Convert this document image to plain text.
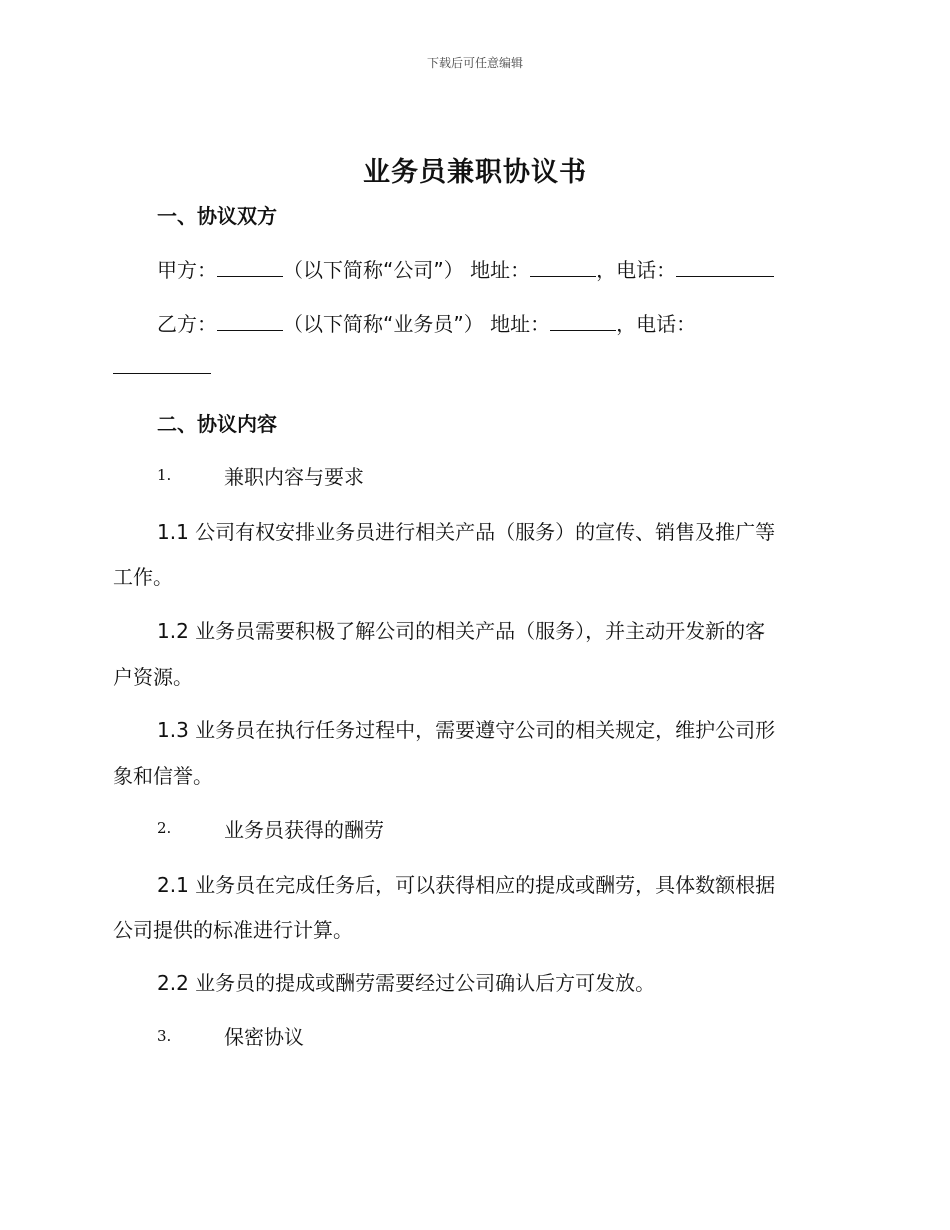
下载后可任意编辑
业务员兼职协议书
一、协议双方
甲方：	（以下简称“公司”） 地址：	，电话：
乙方：	（以下简称“业务员”） 地址：	，电话：
二、协议内容
1.	兼职内容与要求
1.1 公司有权安排业务员进行相关产品（服务）的宣传、销售及推广等
工作。
1.2 业务员需要积极了解公司的相关产品（服务），并主动开发新的客
户资源。
1.3 业务员在执行任务过程中，需要遵守公司的相关规定，维护公司形
象和信誉。
2.	业务员获得的酬劳
2.1 业务员在完成任务后，可以获得相应的提成或酬劳，具体数额根据
公司提供的标准进行计算。
2.2 业务员的提成或酬劳需要经过公司确认后方可发放。
3.	保密协议
